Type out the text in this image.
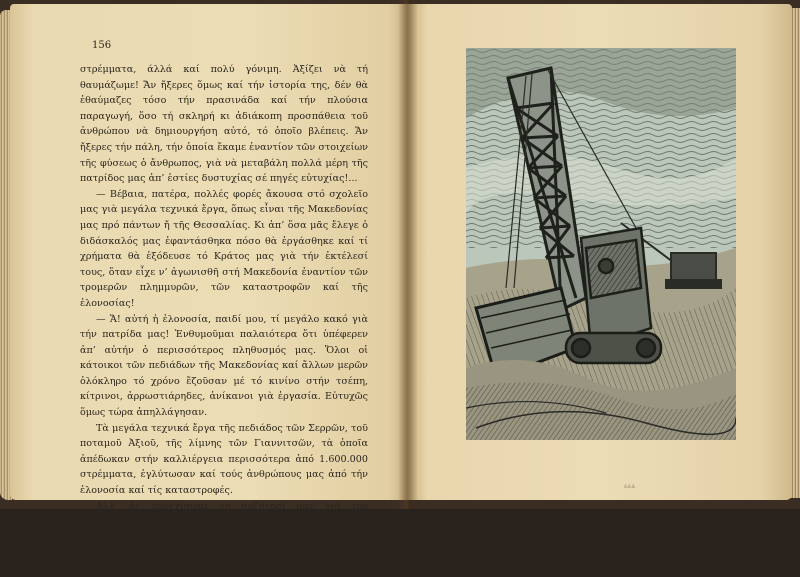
156

στρέμματα, άλλά καί πολύ γόνιμη. Ἀξίζει νὰ τή θαυμάζωμε! Ἄν ἤξερες ὅμως καί τήν ἱστορία της, δέν θὰ ἐθαύμαζες τόσο τήν πρασινάδα καί τήν πλούσια παραγωγή, ὅσο τή σκληρή κι ἀδιάκοπη προσπάθεια τοῦ ἀνθρώπου νὰ δημιουργήση αὐτό, τό ὁποῖο βλέπεις. Ἄν ἤξερες τήν πάλη, τήν ὁποία ἔκαμε ἐναντίον τῶν στοιχείων τῆς φύσεως ὁ ἄνθρωπος, γιὰ νὰ μεταβάλη πολλά μέρη τῆς πατρίδος μας ἀπ’ ἑστίες δυστυχίας σέ πηγές εὐτυχίας!...

— Βέβαια, πατέρα, πολλές φορές ἄκουσα στό σχολεῖο μας γιὰ μεγάλα τεχνικά ἔργα, ὅπως εἶναι τῆς Μακεδονίας μας πρό πάντων ἤ τῆς Θεσσαλίας. Κι ἀπ’ ὅσα μᾶς ἔλεγε ὁ διδάσκαλός μας ἐφαντάσθηκα πόσο θὰ ἐργάσθηκε καί τί χρήματα θὰ ἐξόδευσε τό Κράτος μας γιὰ τήν ἐκτέλεσί τους, ὅταν εἶχε ν’ ἀγωνισθῆ στή Μακεδονία ἐναντίον τῶν τρομερῶν πλημμυρῶν, τῶν καταστροφῶν καί τῆς ἐλονοσίας!

— Ἄ! αὐτή ἡ ἐλονοσία, παιδί μου, τί μεγάλο κακό γιὰ τήν πατρίδα μας! Ἐνθυμοῦμαι παλαιότερα ὅτι ὑπέφερεν ἀπ’ αὐτήν ὁ περισσότερος πληθυσμός μας. Ὅλοι οἱ κάτοικοι τῶν πεδιάδων τῆς Μακεδονίας καί ἄλλων μερῶν ὁλόκληρο τό χρόνο ἔζοῦσαν μέ τό κινίνο στήν τσέπη, κίτρινοι, ἀρρωστιάρηδες, ἀνίκανοι γιὰ ἐργασία. Εὐτυχῶς ὅμως τώρα ἀπηλλάγησαν.

Τὰ μεγάλα τεχνικά ἔργα τῆς πεδιάδος τῶν Σερρῶν, τοῦ ποταμοῦ Ἀξιοῦ, τῆς λίμνης τῶν Γιαννιτσῶν, τὰ ὁποῖα ἀπέδωκαν στήν καλλιέργεια περισσότερα ἀπό 1.600.000 στρέμματα, ἐγλύτωσαν καί τούς ἀνθρώπους μας ἀπό τήν ἐλονοσία καί τίς καταστροφές.

Ἀλλ’ ἄς συνεχίσωμε τή συζήτησί μας γιὰ τήν περιφέρεια αὐτή, τήν ὁποίαν ἔχομε μπροστά μας, γιὰ νὰ ἰδῆς ἀπό πόσο μακριά ἀρχίζει ἡ προσπάθεια τοῦ ἀνθρώπου νὰ ὑποτάξη τὰ στοιχεῖα τῆς φύσεως στή δύναμί του! Ἀπό τόσο

ԃԃԃ
